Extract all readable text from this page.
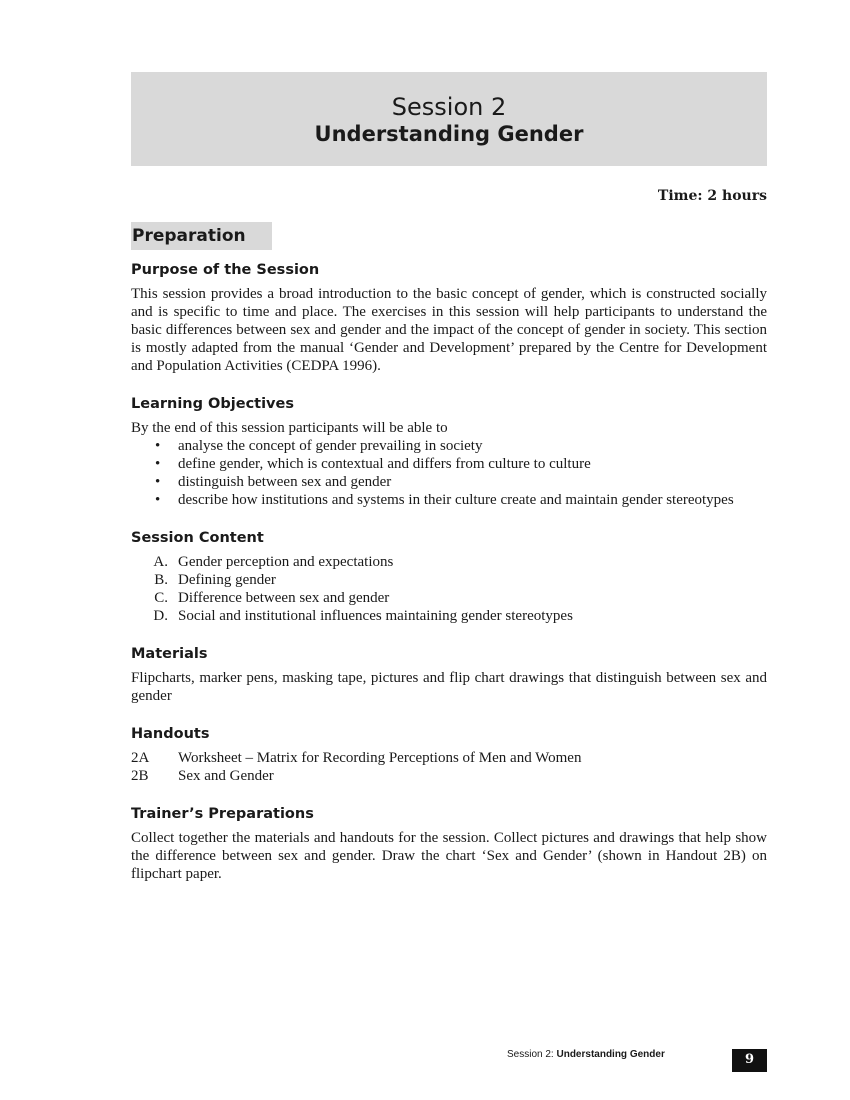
Session 2
Understanding Gender
Time: 2 hours
Preparation
Purpose of the Session

This session provides a broad introduction to the basic concept of gender, which is constructed socially and is specific to time and place. The exercises in this session will help participants to understand the basic differences between sex and gender and the impact of the concept of gender in society. This section is mostly adapted from the manual ‘Gender and Development’ prepared by the Centre for Development and Population Activities (CEDPA 1996).

Learning Objectives

By the end of this session participants will be able to

• analyse the concept of gender prevailing in society
• define gender, which is contextual and differs from culture to culture
• distinguish between sex and gender
• describe how institutions and systems in their culture create and maintain gender stereotypes
Session Content
A. Gender perception and expectations
B. Defining gender
C. Difference between sex and gender
D. Social and institutional influences maintaining gender stereotypes
Materials

Flipcharts, marker pens, masking tape, pictures and flip chart drawings that distinguish between sex and gender

Handouts
2A	Worksheet – Matrix for Recording Perceptions of Men and Women
2B	Sex and Gender
Trainer’s Preparations

Collect together the materials and handouts for the session. Collect pictures and drawings that help show the difference between sex and gender. Draw the chart ‘Sex and Gender’ (shown in Handout 2B) on flipchart paper.

Session 2: Understanding Gender	9
